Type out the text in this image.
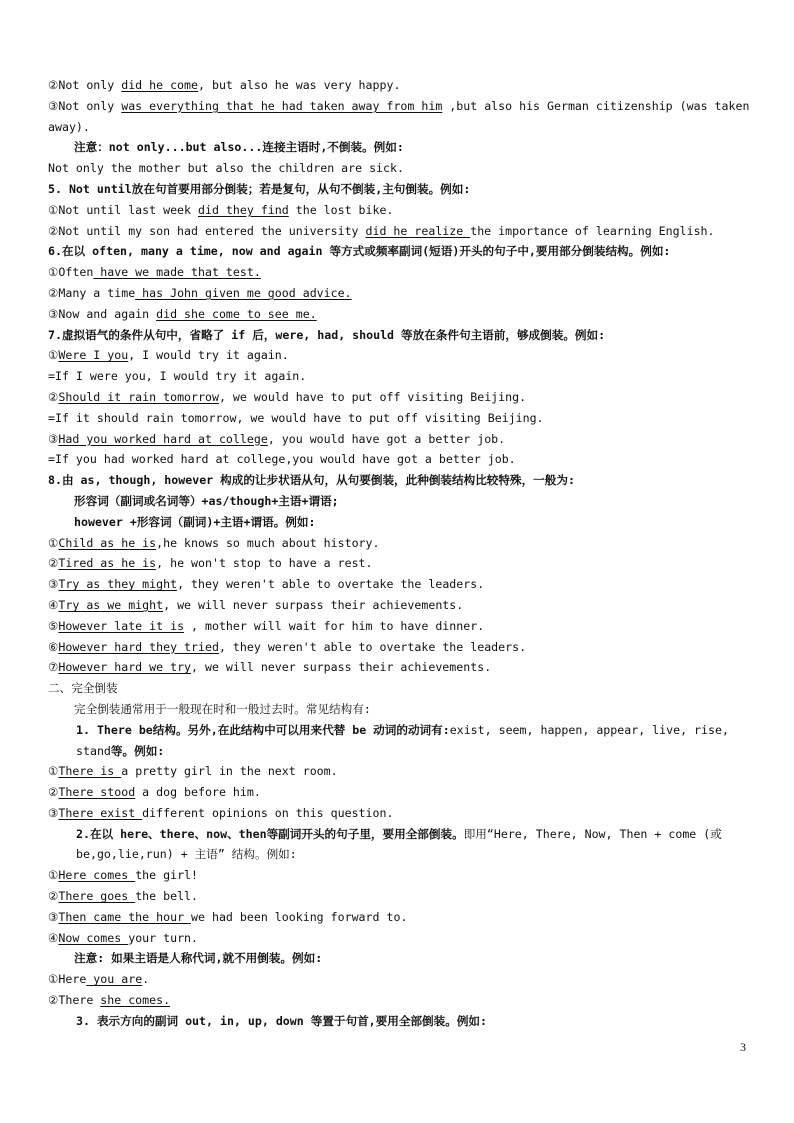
②Not only did he come, but also he was very happy.
③Not only was everything that he had taken away from him ,but also his German citizenship (was taken away).
注意：not only...but also...连接主语时,不倒装。例如:
Not only the mother but also the children are sick.
5. Not until放在句首要用部分倒装；若是复句，从句不倒装,主句倒装。例如:
①Not until last week did they find the lost bike.
②Not until my son had entered the university did he realize the importance of learning English.
6.在以 often, many a time, now and again 等方式或频率副词(短语)开头的句子中,要用部分倒装结构。例如:
①Often have we made that test.
②Many a time has John given me good advice.
③Now and again did she come to see me.
7.虚拟语气的条件从句中，省略了 if 后，were, had, should 等放在条件句主语前，够成倒装。例如:
①Were I you, I would try it again.
=If I were you, I would try it again.
②Should it rain tomorrow, we would have to put off visiting Beijing.
=If it should rain tomorrow, we would have to put off visiting Beijing.
③Had you worked hard at college, you would have got a better job.
=If you had worked hard at college,you would have got a better job.
8.由 as, though, however 构成的让步状语从句，从句要倒装，此种倒装结构比较特殊，一般为:
形容词（副词或名词等）+as/though+主语+谓语;
however +形容词（副词)+主语+谓语。例如:
①Child as he is,he knows so much about history.
②Tired as he is, he won't stop to have a rest.
③Try as they might, they weren't able to overtake the leaders.
④Try as we might, we will never surpass their achievements.
⑤However late it is , mother will wait for him to have dinner.
⑥However hard they tried, they weren't able to overtake the leaders.
⑦However hard we try, we will never surpass their achievements.
二、完全倒装
完全倒装通常用于一般现在时和一般过去时。常见结构有:
1. There be结构。另外,在此结构中可以用来代替 be 动词的动词有:exist, seem, happen, appear, live, rise, stand等。例如:
①There is a pretty girl in the next room.
②There stood a dog before him.
③There exist different opinions on this question.
2.在以 here、there、now、then等副词开头的句子里，要用全部倒装。即用“Here, There, Now, Then + come (或be,go,lie,run) + 主语” 结构。例如:
①Here comes the girl!
②There goes the bell.
③Then came the hour we had been looking forward to.
④Now comes your turn.
注意: 如果主语是人称代词,就不用倒装。例如:
①Here you are.
②There she comes.
3. 表示方向的副词 out, in, up, down 等置于句首,要用全部倒装。例如:
3
